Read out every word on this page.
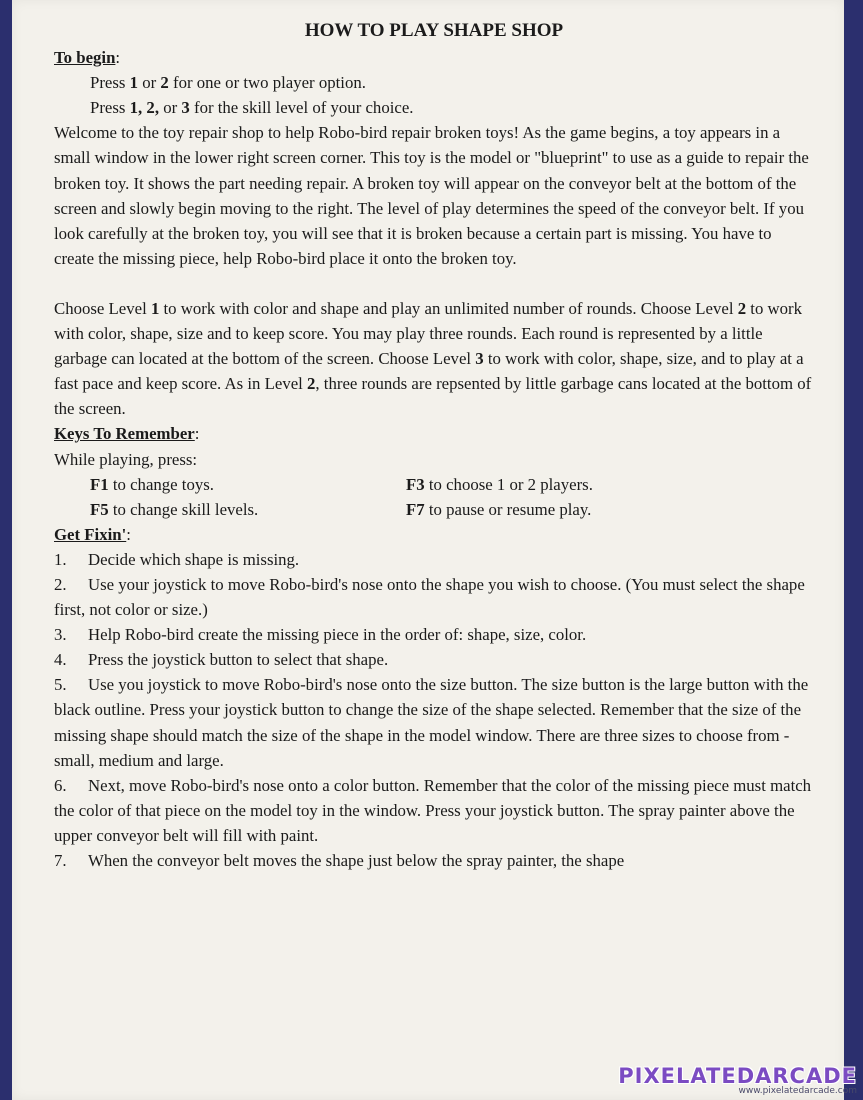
HOW TO PLAY SHAPE SHOP
To begin:
Press 1 or 2 for one or two player option.
Press 1, 2, or 3 for the skill level of your choice.
Welcome to the toy repair shop to help Robo-bird repair broken toys! As the game begins, a toy appears in a small window in the lower right screen corner. This toy is the model or "blueprint" to use as a guide to repair the broken toy. It shows the part needing repair. A broken toy will appear on the conveyor belt at the bottom of the screen and slowly begin moving to the right. The level of play determines the speed of the conveyor belt. If you look carefully at the broken toy, you will see that it is broken because a certain part is missing. You have to create the missing piece, help Robo-bird place it onto the broken toy.
Choose Level 1 to work with color and shape and play an unlimited number of rounds. Choose Level 2 to work with color, shape, size and to keep score. You may play three rounds. Each round is represented by a little garbage can located at the bottom of the screen. Choose Level 3 to work with color, shape, size, and to play at a fast pace and keep score. As in Level 2, three rounds are repsented by little garbage cans located at the bottom of the screen.
Keys To Remember:
While playing, press:
F1 to change toys.	F3 to choose 1 or 2 players.
F5 to change skill levels.	F7 to pause or resume play.
Get Fixin':
1. Decide which shape is missing.
2. Use your joystick to move Robo-bird's nose onto the shape you wish to choose. (You must select the shape first, not color or size.)
3. Help Robo-bird create the missing piece in the order of: shape, size, color.
4. Press the joystick button to select that shape.
5. Use you joystick to move Robo-bird's nose onto the size button. The size button is the large button with the black outline. Press your joystick button to change the size of the shape selected. Remember that the size of the missing shape should match the size of the shape in the model window. There are three sizes to choose from - small, medium and large.
6. Next, move Robo-bird's nose onto a color button. Remember that the color of the missing piece must match the color of that piece on the model toy in the window. Press your joystick button. The spray painter above the upper conveyor belt will fill with paint.
7. When the conveyor belt moves the shape just below the spray painter, the shape
PIXELATEDARCADE
www.pixelatedarcade.com
